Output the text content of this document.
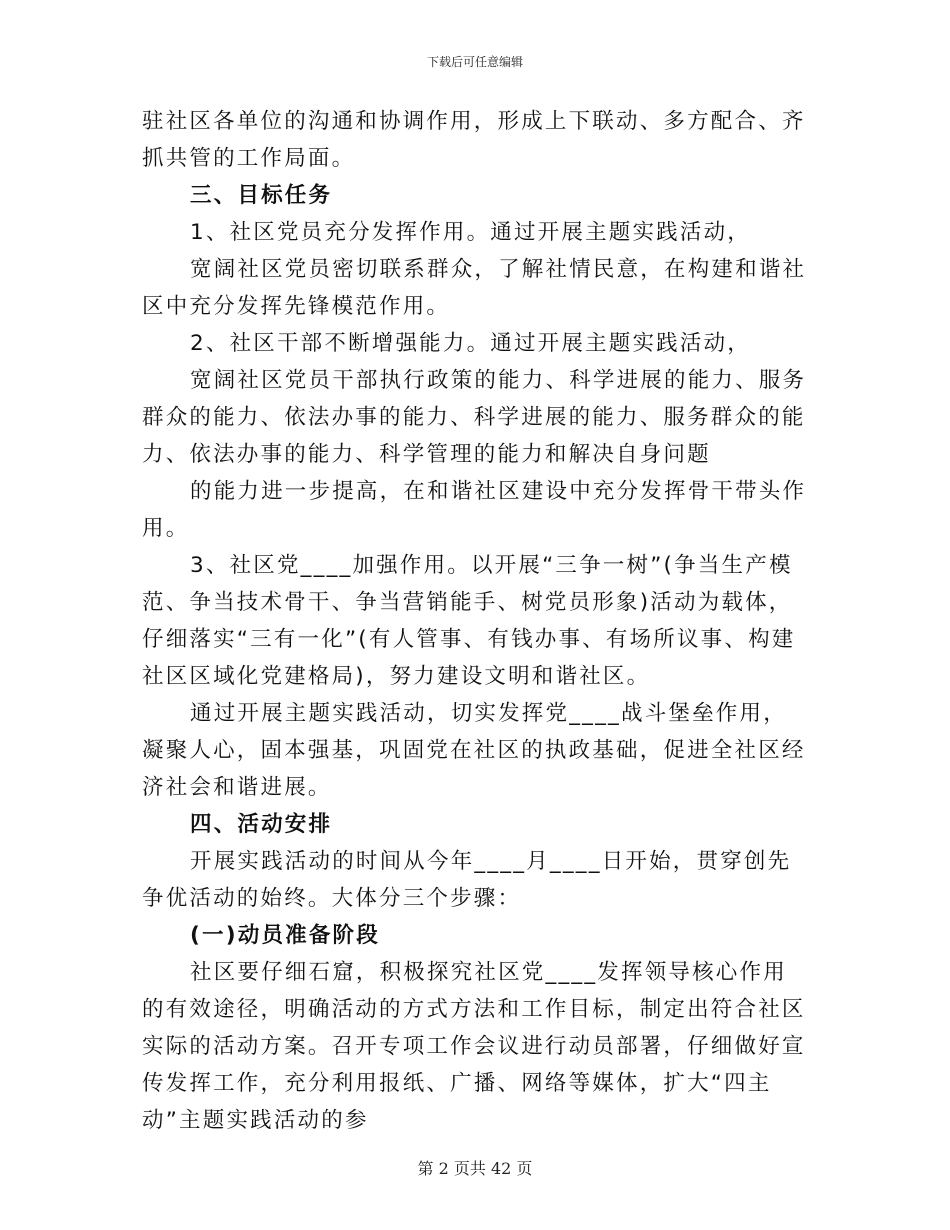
下载后可任意编辑

驻社区各单位的沟通和协调作用，形成上下联动、多方配合、齐抓共管的工作局面。

三、目标任务

1、社区党员充分发挥作用。通过开展主题实践活动，

宽阔社区党员密切联系群众，了解社情民意，在构建和谐社区中充分发挥先锋模范作用。

2、社区干部不断增强能力。通过开展主题实践活动，

宽阔社区党员干部执行政策的能力、科学进展的能力、服务群众的能力、依法办事的能力、科学进展的能力、服务群众的能力、依法办事的能力、科学管理的能力和解决自身问题

的能力进一步提高，在和谐社区建设中充分发挥骨干带头作用。

3、社区党____加强作用。以开展“三争一树”(争当生产模范、争当技术骨干、争当营销能手、树党员形象)活动为载体，仔细落实“三有一化”(有人管事、有钱办事、有场所议事、构建社区区域化党建格局)，努力建设文明和谐社区。

通过开展主题实践活动，切实发挥党____战斗堡垒作用，凝聚人心，固本强基，巩固党在社区的执政基础，促进全社区经济社会和谐进展。

四、活动安排

开展实践活动的时间从今年____月____日开始，贯穿创先争优活动的始终。大体分三个步骤：

(一)动员准备阶段

社区要仔细石窟，积极探究社区党____发挥领导核心作用的有效途径，明确活动的方式方法和工作目标，制定出符合社区实际的活动方案。召开专项工作会议进行动员部署，仔细做好宣传发挥工作，充分利用报纸、广播、网络等媒体，扩大“四主动”主题实践活动的参

第 2 页共 42 页
